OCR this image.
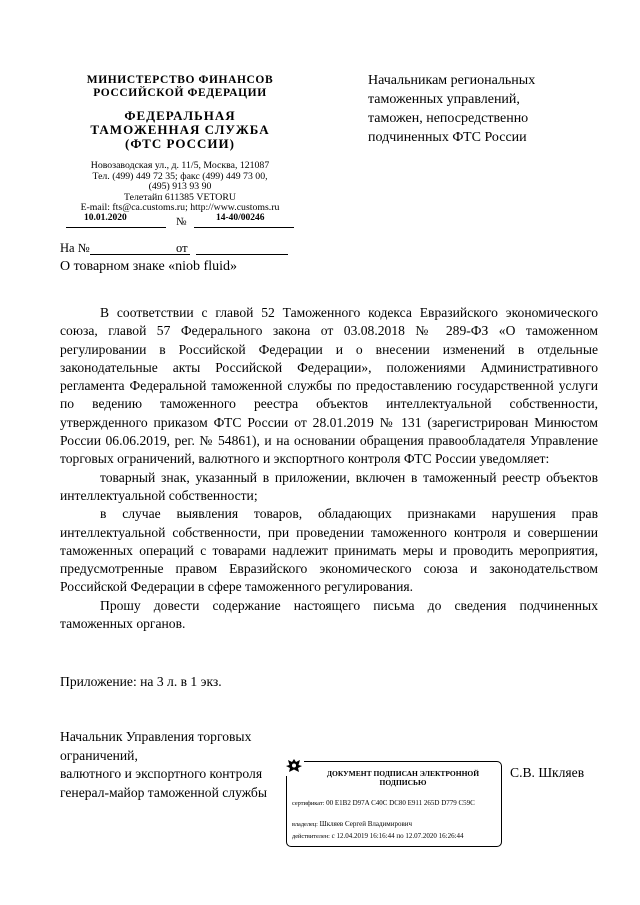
МИНИСТЕРСТВО ФИНАНСОВ
РОССИЙСКОЙ ФЕДЕРАЦИИ
ФЕДЕРАЛЬНАЯ
ТАМОЖЕННАЯ СЛУЖБА
(ФТС РОССИИ)
Новозаводская ул., д. 11/5, Москва, 121087
Тел. (499) 449 72 35; факс (499) 449 73 00,
(495) 913 93 90
Телетайп 611385 VETORU
E-mail: fts@ca.customs.ru; http://www.customs.ru
10.01.2020	№	14-40/00246
На №	от
О товарном знаке «niob fluid»
Начальникам региональных
таможенных управлений,
таможен, непосредственно
подчиненных ФТС России

В соответствии с главой 52 Таможенного кодекса Евразийского экономического союза, главой 57 Федерального закона от 03.08.2018 № 289-ФЗ «О таможенном регулировании в Российской Федерации и о внесении изменений в отдельные законодательные акты Российской Федерации», положениями Административного регламента Федеральной таможенной службы по предоставлению государственной услуги по ведению таможенного реестра объектов интеллектуальной собственности, утвержденного приказом ФТС России от 28.01.2019 № 131 (зарегистрирован Минюстом России 06.06.2019, рег. № 54861), и на основании обращения правообладателя Управление торговых ограничений, валютного и экспортного контроля ФТС России уведомляет:

товарный знак, указанный в приложении, включен в таможенный реестр объектов интеллектуальной собственности;

в случае выявления товаров, обладающих признаками нарушения прав интеллектуальной собственности, при проведении таможенного контроля и совершении таможенных операций с товарами надлежит принимать меры и проводить мероприятия, предусмотренные правом Евразийского экономического союза и законодательством Российской Федерации в сфере таможенного регулирования.

Прошу довести содержание настоящего письма до сведения подчиненных таможенных органов.

Приложение: на 3 л. в 1 экз.
Начальник Управления торговых ограничений,
валютного и экспортного контроля
генерал-майор таможенной службы
С.В. Шкляев
ДОКУМЕНТ ПОДПИСАН ЭЛЕКТРОННОЙ
ПОДПИСЬЮ
сертификат: 00 E1B2 D97A C40C DC80 E911 265D D779 C59C
владелец: Шкляев Сергей Владимирович
действителен: с 12.04.2019 16:16:44 по 12.07.2020 16:26:44
